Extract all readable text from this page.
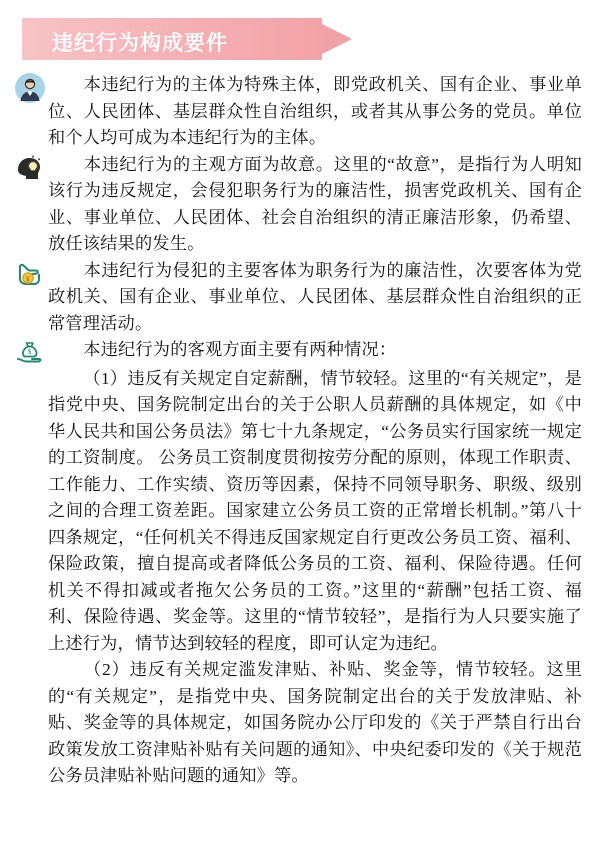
违纪行为构成要件
本违纪行为的主体为特殊主体，即党政机关、国有企业、事业单位、人民团体、基层群众性自治组织，或者其从事公务的党员。单位和个人均可成为本违纪行为的主体。
本违纪行为的主观方面为故意。这里的“故意”，是指行为人明知该行为违反规定，会侵犯职务行为的廉洁性，损害党政机关、国有企业、事业单位、人民团体、社会自治组织的清正廉洁形象，仍希望、放任该结果的发生。
¥	本违纪行为侵犯的主要客体为职务行为的廉洁性，次要客体为党政机关、国有企业、事业单位、人民团体、基层群众性自治组织的正常管理活动。
$	本违纪行为的客观方面主要有两种情况：
（1）违反有关规定自定薪酬，情节较轻。这里的“有关规定”，是指党中央、国务院制定出台的关于公职人员薪酬的具体规定，如《中华人民共和国公务员法》第七十九条规定，“公务员实行国家统一规定的工资制度。 公务员工资制度贯彻按劳分配的原则，体现工作职责、工作能力、工作实绩、资历等因素，保持不同领导职务、职级、级别之间的合理工资差距。国家建立公务员工资的正常增长机制。”第八十四条规定，“任何机关不得违反国家规定自行更改公务员工资、福利、保险政策，擅自提高或者降低公务员的工资、福利、保险待遇。任何机关不得扣减或者拖欠公务员的工资。”这里的“薪酬”包括工资、福利、保险待遇、奖金等。这里的“情节较轻”，是指行为人只要实施了上述行为，情节达到较轻的程度，即可认定为违纪。
（2）违反有关规定滥发津贴、补贴、奖金等，情节较轻。这里的“有关规定”，是指党中央、国务院制定出台的关于发放津贴、补贴、奖金等的具体规定，如国务院办公厅印发的《关于严禁自行出台政策发放工资津贴补贴有关问题的通知》、中央纪委印发的《关于规范公务员津贴补贴问题的通知》等。
